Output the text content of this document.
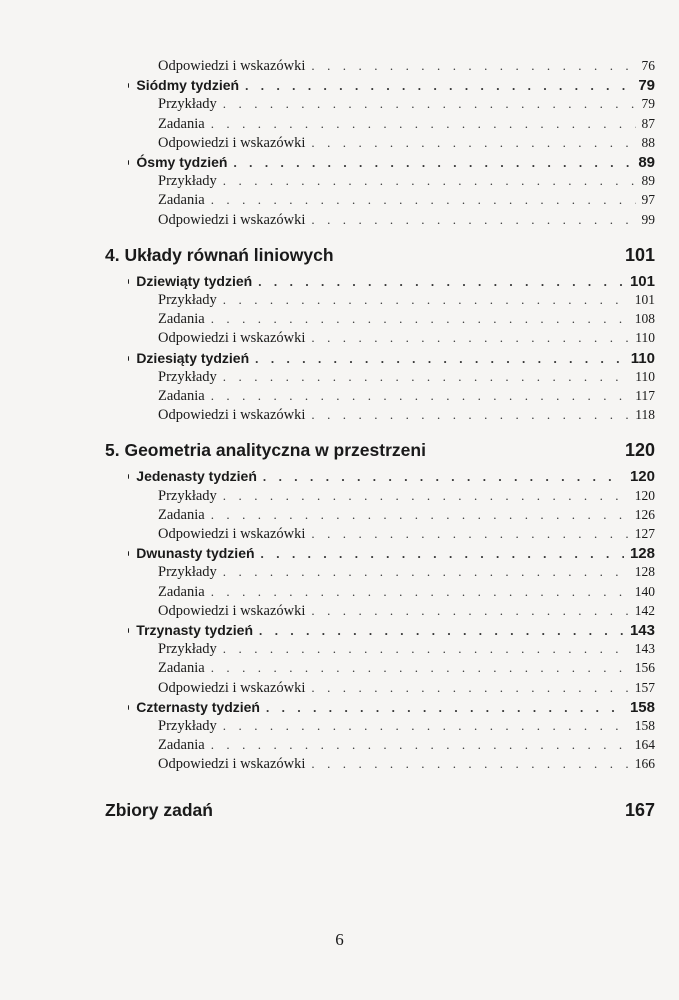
Odpowiedzi i wskazówki . . .	76
Siódmy tydzień . . .	79
Przykłady . . .	79
Zadania . . .	87
Odpowiedzi i wskazówki . . .	88
Ósmy tydzień . . .	89
Przykłady . . .	89
Zadania . . .	97
Odpowiedzi i wskazówki . . .	99
4. Układy równań liniowych	101
Dziewiąty tydzień . . .	101
Przykłady . . .	101
Zadania . . .	108
Odpowiedzi i wskazówki . . .	110
Dziesiąty tydzień . . .	110
Przykłady . . .	110
Zadania . . .	117
Odpowiedzi i wskazówki . . .	118
5. Geometria analityczna w przestrzeni	120
Jedenasty tydzień . . .	120
Przykłady . . .	120
Zadania . . .	126
Odpowiedzi i wskazówki . . .	127
Dwunasty tydzień . . .	128
Przykłady . . .	128
Zadania . . .	140
Odpowiedzi i wskazówki . . .	142
Trzynasty tydzień . . .	143
Przykłady . . .	143
Zadania . . .	156
Odpowiedzi i wskazówki . . .	157
Czternasty tydzień . . .	158
Przykłady . . .	158
Zadania . . .	164
Odpowiedzi i wskazówki . . .	166
Zbiory zadań	167
6
